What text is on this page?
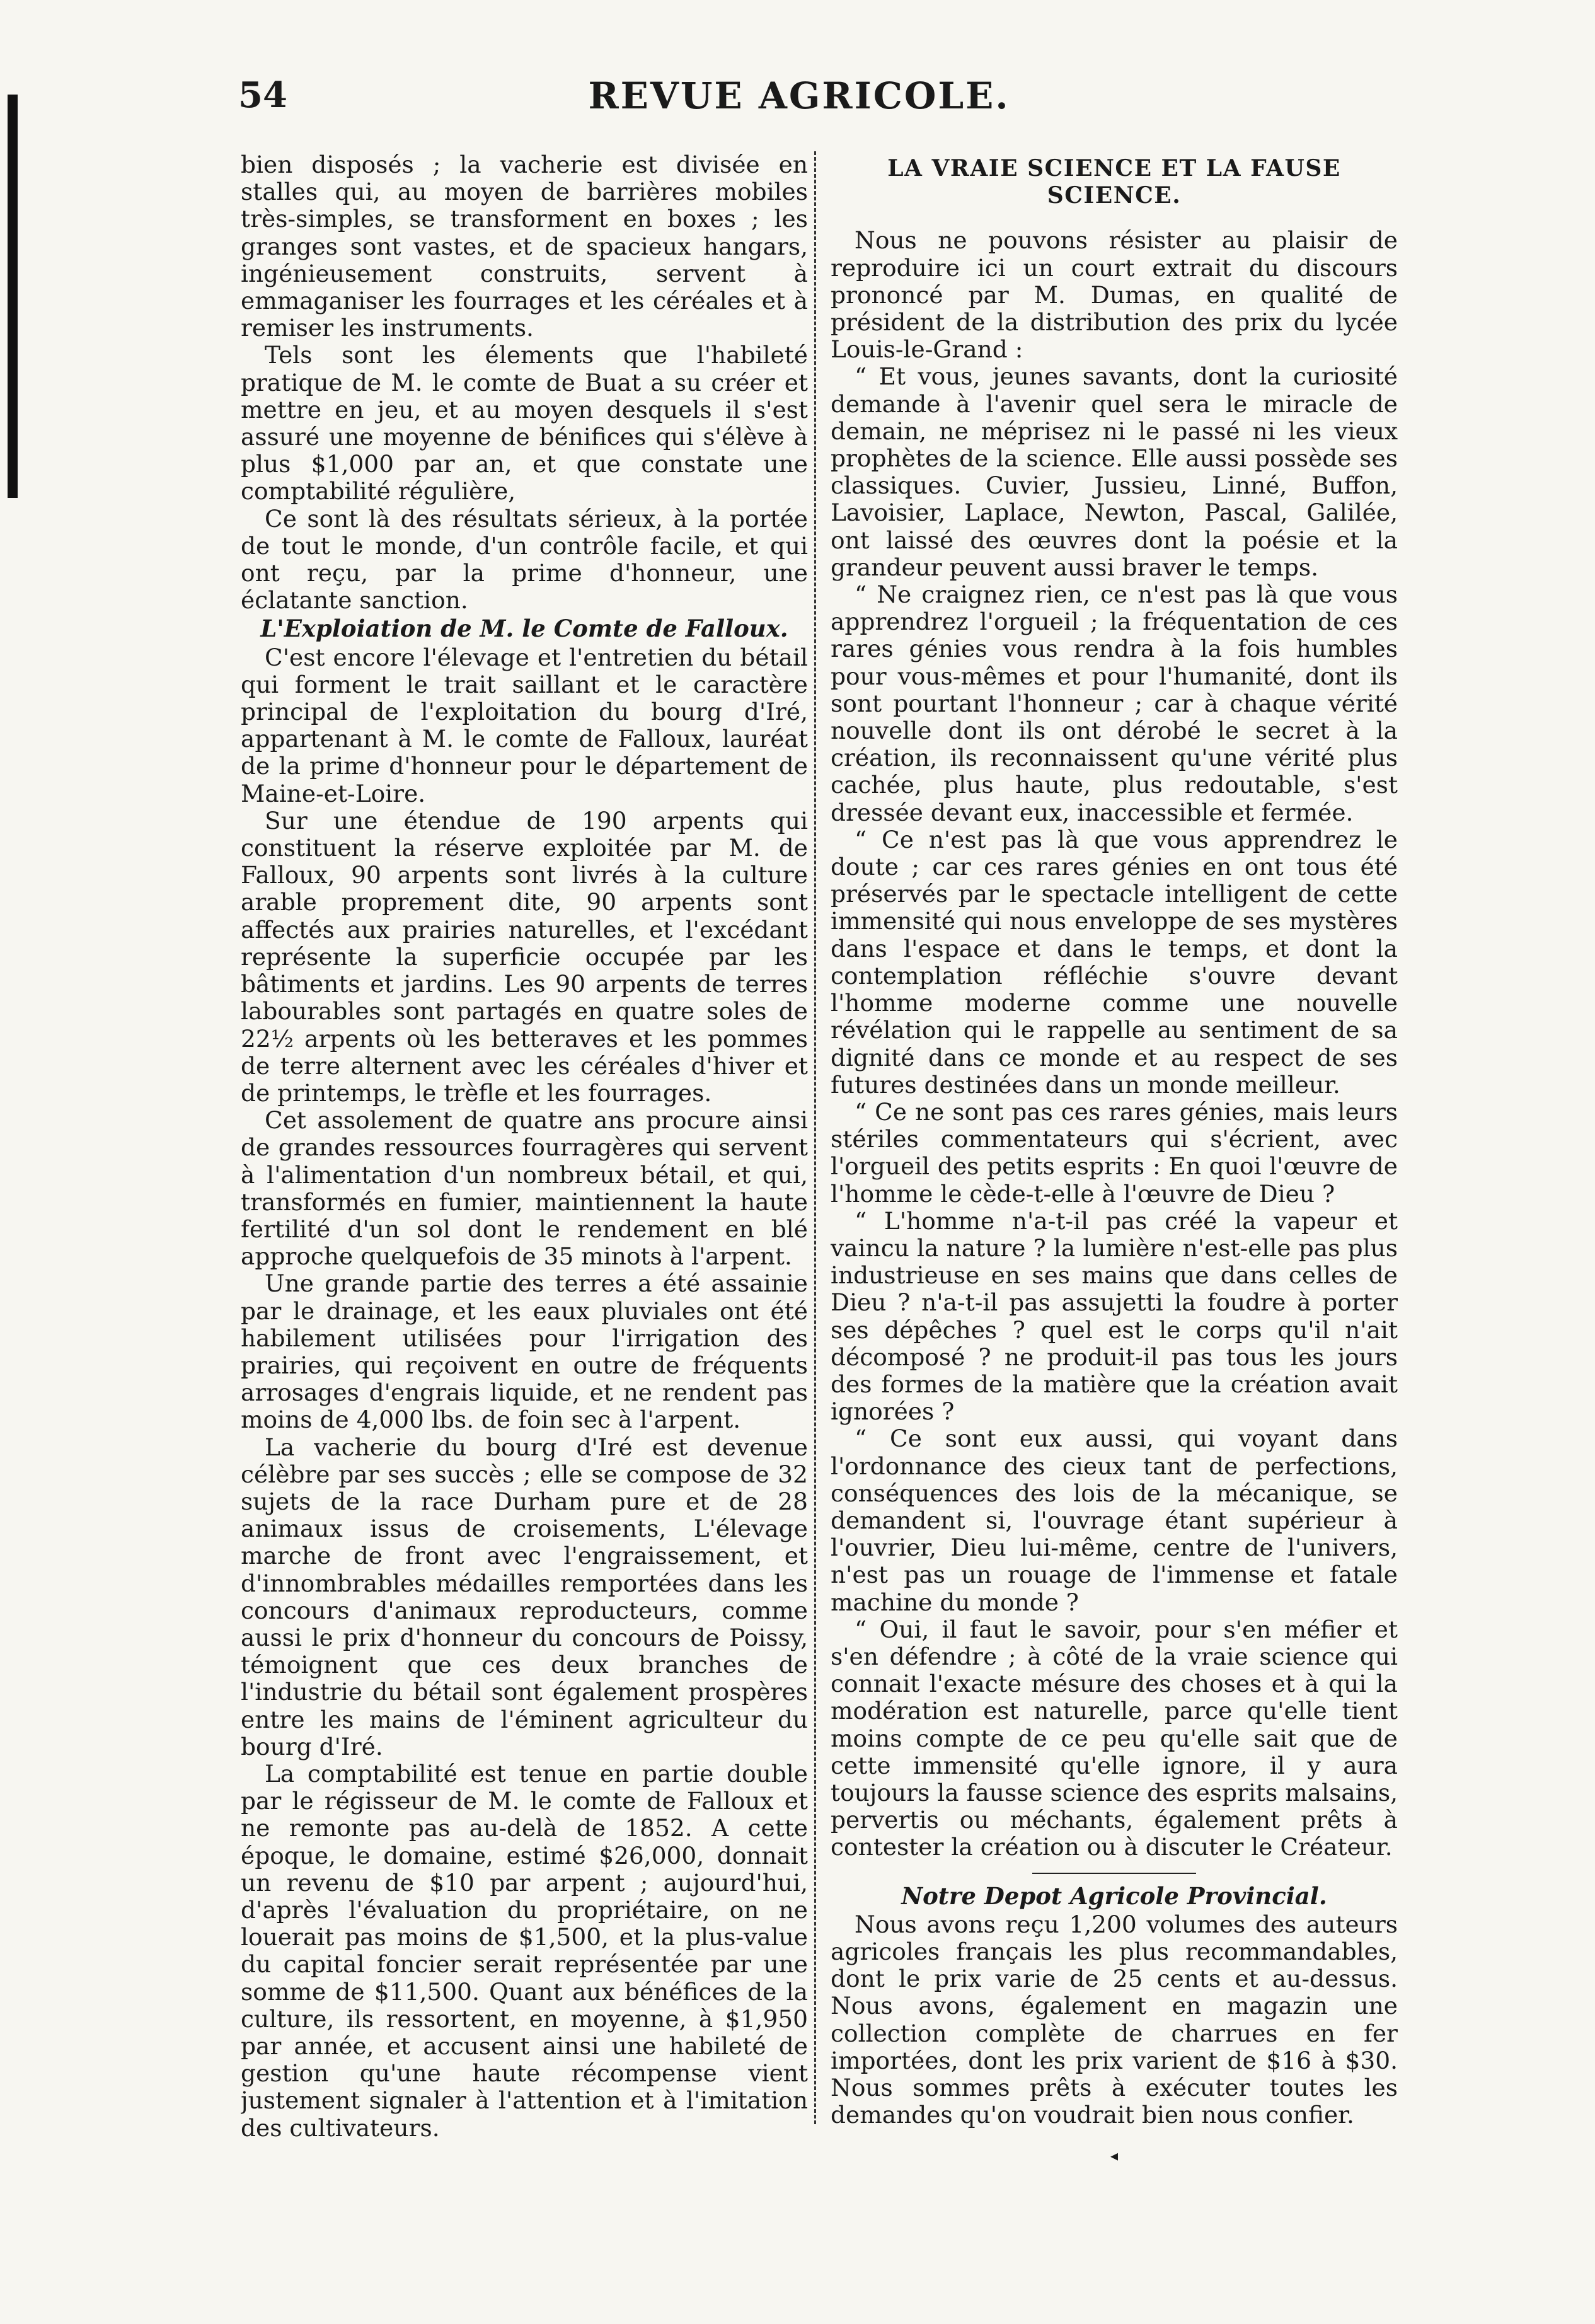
54	REVUE AGRICOLE.

bien disposés ; la vacherie est divisée en stalles qui, au moyen de barrières mobiles très-simples, se transforment en boxes ; les granges sont vastes, et de spacieux hangars, ingénieusement construits, servent à emmaganiser les fourrages et les céréales et à remiser les instruments.

Tels sont les élements que l'habileté pratique de M. le comte de Buat a su créer et mettre en jeu, et au moyen desquels il s'est assuré une moyenne de bénifices qui s'élève à plus $1,000 par an, et que constate une comptabilité régulière,

Ce sont là des résultats sérieux, à la portée de tout le monde, d'un contrôle facile, et qui ont reçu, par la prime d'honneur, une éclatante sanction.

L'Exploiation de M. le Comte de Falloux.

C'est encore l'élevage et l'entretien du bétail qui forment le trait saillant et le caractère principal de l'exploitation du bourg d'Iré, appartenant à M. le comte de Falloux, lauréat de la prime d'honneur pour le département de Maine-et-Loire.

Sur une étendue de 190 arpents qui constituent la réserve exploitée par M. de Falloux, 90 arpents sont livrés à la culture arable proprement dite, 90 arpents sont affectés aux prairies naturelles, et l'excédant représente la superficie occupée par les bâtiments et jardins. Les 90 arpents de terres labourables sont partagés en quatre soles de 22½ arpents où les betteraves et les pommes de terre alternent avec les céréales d'hiver et de printemps, le trèfle et les fourrages.

Cet assolement de quatre ans procure ainsi de grandes ressources fourragères qui servent à l'alimentation d'un nombreux bétail, et qui, transformés en fumier, maintiennent la haute fertilité d'un sol dont le rendement en blé approche quelquefois de 35 minots à l'arpent.

Une grande partie des terres a été assainie par le drainage, et les eaux pluviales ont été habilement utilisées pour l'irrigation des prairies, qui reçoivent en outre de fréquents arrosages d'engrais liquide, et ne rendent pas moins de 4,000 lbs. de foin sec à l'arpent.

La vacherie du bourg d'Iré est devenue célèbre par ses succès ; elle se compose de 32 sujets de la race Durham pure et de 28 animaux issus de croisements, L'élevage marche de front avec l'engraissement, et d'innombrables médailles remportées dans les concours d'animaux reproducteurs, comme aussi le prix d'honneur du concours de Poissy, témoignent que ces deux branches de l'industrie du bétail sont également prospères entre les mains de l'éminent agriculteur du bourg d'Iré.

La comptabilité est tenue en partie double par le régisseur de M. le comte de Falloux et ne remonte pas au-delà de 1852. A cette époque, le domaine, estimé $26,000, donnait un revenu de $10 par arpent ; aujourd'hui, d'après l'évaluation du propriétaire, on ne louerait pas moins de $1,500, et la plus-value du capital foncier serait représentée par une somme de $11,500. Quant aux bénéfices de la culture, ils ressortent, en moyenne, à $1,950 par année, et accusent ainsi une habileté de gestion qu'une haute récompense vient justement signaler à l'attention et à l'imitation des cultivateurs.

LA VRAIE SCIENCE ET LA FAUSE SCIENCE.

Nous ne pouvons résister au plaisir de reproduire ici un court extrait du discours prononcé par M. Dumas, en qualité de président de la distribution des prix du lycée Louis-le-Grand :

“ Et vous, jeunes savants, dont la curiosité demande à l'avenir quel sera le miracle de demain, ne méprisez ni le passé ni les vieux prophètes de la science. Elle aussi possède ses classiques. Cuvier, Jussieu, Linné, Buffon, Lavoisier, Laplace, Newton, Pascal, Galilée, ont laissé des œuvres dont la poésie et la grandeur peuvent aussi braver le temps.

“ Ne craignez rien, ce n'est pas là que vous apprendrez l'orgueil ; la fréquentation de ces rares génies vous rendra à la fois humbles pour vous-mêmes et pour l'humanité, dont ils sont pourtant l'honneur ; car à chaque vérité nouvelle dont ils ont dérobé le secret à la création, ils reconnaissent qu'une vérité plus cachée, plus haute, plus redoutable, s'est dressée devant eux, inaccessible et fermée.

“ Ce n'est pas là que vous apprendrez le doute ; car ces rares génies en ont tous été préservés par le spectacle intelligent de cette immensité qui nous enveloppe de ses mystères dans l'espace et dans le temps, et dont la contemplation réfléchie s'ouvre devant l'homme moderne comme une nouvelle révélation qui le rappelle au sentiment de sa dignité dans ce monde et au respect de ses futures destinées dans un monde meilleur.

“ Ce ne sont pas ces rares génies, mais leurs stériles commentateurs qui s'écrient, avec l'orgueil des petits esprits : En quoi l'œuvre de l'homme le cède-t-elle à l'œuvre de Dieu ?

“ L'homme n'a-t-il pas créé la vapeur et vaincu la nature ? la lumière n'est-elle pas plus industrieuse en ses mains que dans celles de Dieu ? n'a-t-il pas assujetti la foudre à porter ses dépêches ? quel est le corps qu'il n'ait décomposé ? ne produit-il pas tous les jours des formes de la matière que la création avait ignorées ?

“ Ce sont eux aussi, qui voyant dans l'ordonnance des cieux tant de perfections, conséquences des lois de la mécanique, se demandent si, l'ouvrage étant supérieur à l'ouvrier, Dieu lui-même, centre de l'univers, n'est pas un rouage de l'immense et fatale machine du monde ?

“ Oui, il faut le savoir, pour s'en méfier et s'en défendre ; à côté de la vraie science qui connait l'exacte mésure des choses et à qui la modération est naturelle, parce qu'elle tient moins compte de ce peu qu'elle sait que de cette immensité qu'elle ignore, il y aura toujours la fausse science des esprits malsains, pervertis ou méchants, également prêts à contester la création ou à discuter le Créateur.

Notre Depot Agricole Provincial.

Nous avons reçu 1,200 volumes des auteurs agricoles français les plus recommandables, dont le prix varie de 25 cents et au-dessus. Nous avons, également en magazin une collection complète de charrues en fer importées, dont les prix varient de $16 à $30. Nous sommes prêts à exécuter toutes les demandes qu'on voudrait bien nous confier.

◂
